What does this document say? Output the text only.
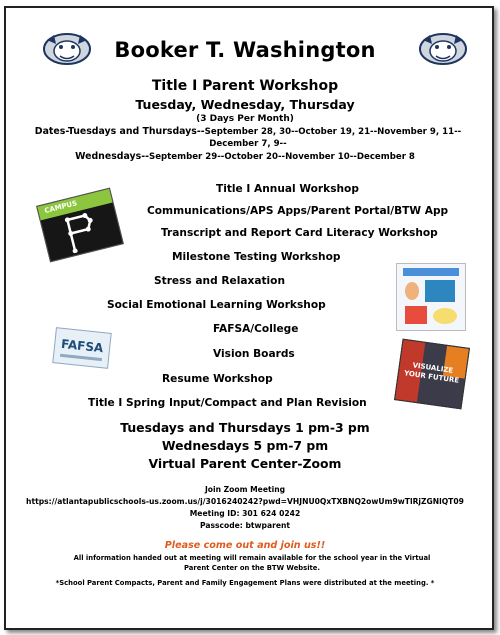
Booker T. Washington
Title I Parent Workshop
Tuesday, Wednesday, Thursday
(3 Days Per Month)
Dates-Tuesdays and Thursdays--September 28, 30--October 19, 21--November 9, 11--December 7, 9--
Wednesdays--September 29--October 20--November 10--December 8
Title I Annual Workshop
Communications/APS Apps/Parent Portal/BTW App
Transcript and Report Card Literacy Workshop
Milestone Testing Workshop
Stress and Relaxation
Social Emotional Learning Workshop
FAFSA/College
Vision Boards
Resume Workshop
Title I Spring Input/Compact and Plan Revision
CAMPUS
FAFSA
VISUALIZE YOUR FUTURE
Tuesdays and Thursdays 1 pm-3 pm
Wednesdays 5 pm-7 pm
Virtual Parent Center-Zoom
Join Zoom Meeting
https://atlantapublicschools-us.zoom.us/j/3016240242?pwd=VHJNU0QxTXBNQ2owUm9wTlRjZGNlQT09
Meeting ID: 301 624 0242
Passcode: btwparent
Please come out and join us!!
All information handed out at meeting will remain available for the school year in the Virtual Parent Center on the BTW Website.
*School Parent Compacts, Parent and Family Engagement Plans were distributed at the meeting. *
